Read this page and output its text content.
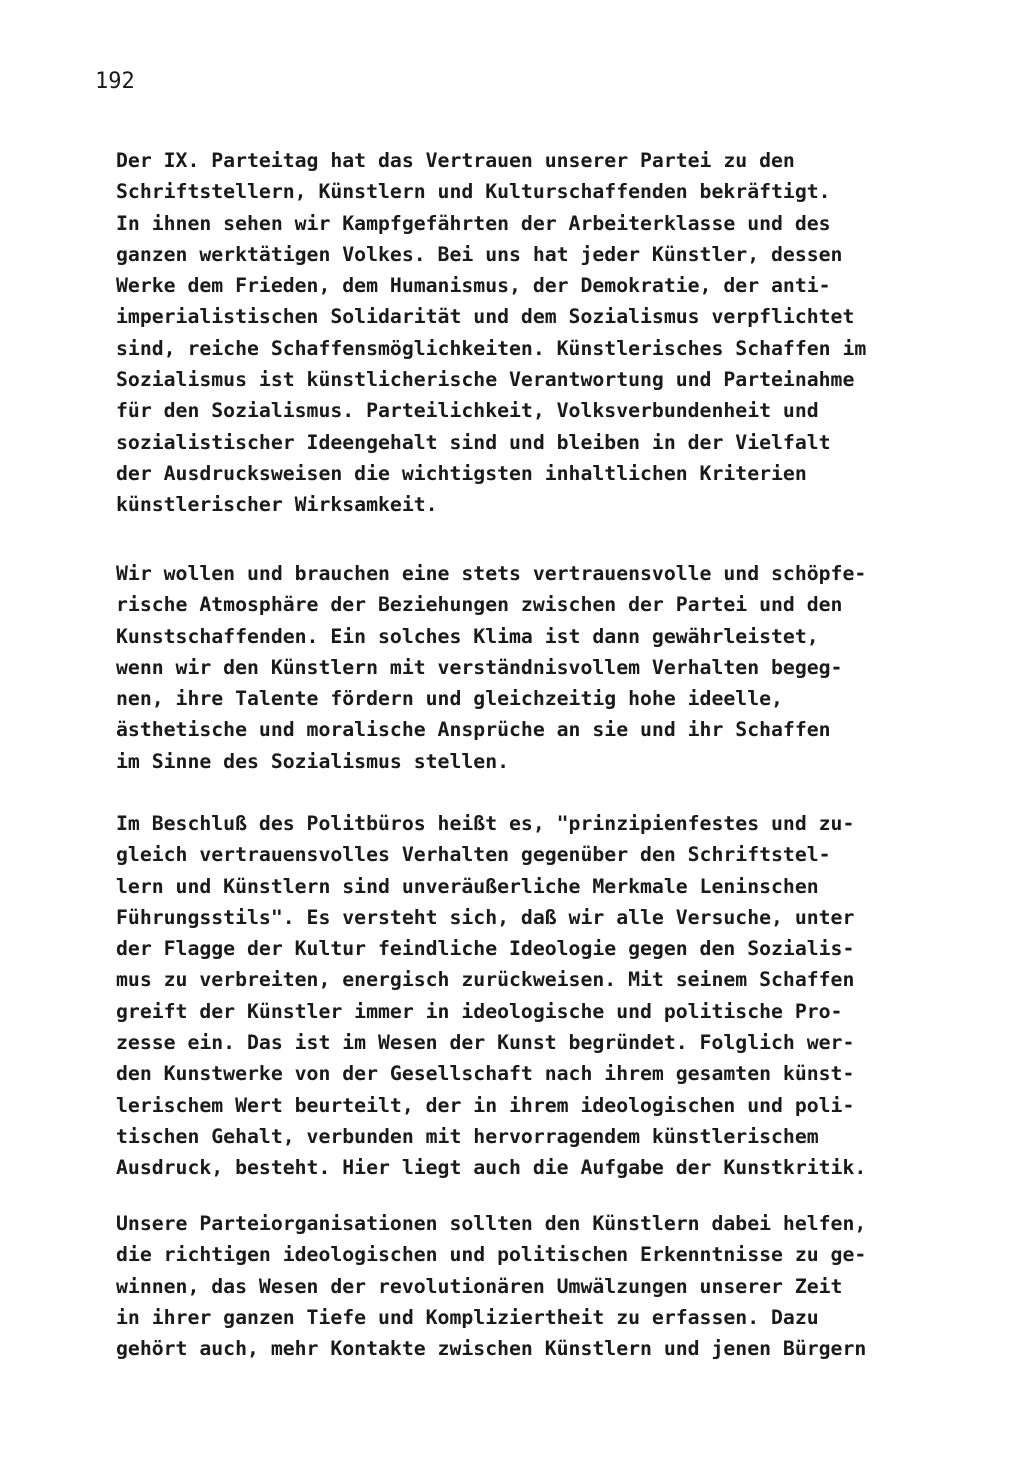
192
Der IX. Parteitag hat das Vertrauen unserer Partei zu den
Schriftstellern, Künstlern und Kulturschaffenden bekräftigt.
In ihnen sehen wir Kampfgefährten der Arbeiterklasse und des
ganzen werktätigen Volkes. Bei uns hat jeder Künstler, dessen
Werke dem Frieden, dem Humanismus, der Demokratie, der anti-
imperialistischen Solidarität und dem Sozialismus verpflichtet
sind, reiche Schaffensmöglichkeiten. Künstlerisches Schaffen im
Sozialismus ist künstlicherische Verantwortung und Parteinahme
für den Sozialismus. Parteilichkeit, Volksverbundenheit und
sozialistischer Ideengehalt sind und bleiben in der Vielfalt
der Ausdrucksweisen die wichtigsten inhaltlichen Kriterien
künstlerischer Wirksamkeit.
Wir wollen und brauchen eine stets vertrauensvolle und schöpfe-
rische Atmosphäre der Beziehungen zwischen der Partei und den
Kunstschaffenden. Ein solches Klima ist dann gewährleistet,
wenn wir den Künstlern mit verständnisvollem Verhalten begeg-
nen, ihre Talente fördern und gleichzeitig hohe ideelle,
ästhetische und moralische Ansprüche an sie und ihr Schaffen
im Sinne des Sozialismus stellen.
Im Beschluß des Politbüros heißt es, "prinzipienfestes und zu-
gleich vertrauensvolles Verhalten gegenüber den Schriftstel-
lern und Künstlern sind unveräußerliche Merkmale Leninschen
Führungsstils". Es versteht sich, daß wir alle Versuche, unter
der Flagge der Kultur feindliche Ideologie gegen den Sozialis-
mus zu verbreiten, energisch zurückweisen. Mit seinem Schaffen
greift der Künstler immer in ideologische und politische Pro-
zesse ein. Das ist im Wesen der Kunst begründet. Folglich wer-
den Kunstwerke von der Gesellschaft nach ihrem gesamten künst-
lerischem Wert beurteilt, der in ihrem ideologischen und poli-
tischen Gehalt, verbunden mit hervorragendem künstlerischem
Ausdruck, besteht. Hier liegt auch die Aufgabe der Kunstkritik.
Unsere Parteiorganisationen sollten den Künstlern dabei helfen,
die richtigen ideologischen und politischen Erkenntnisse zu ge-
winnen, das Wesen der revolutionären Umwälzungen unserer Zeit
in ihrer ganzen Tiefe und Kompliziertheit zu erfassen. Dazu
gehört auch, mehr Kontakte zwischen Künstlern und jenen Bürgern
